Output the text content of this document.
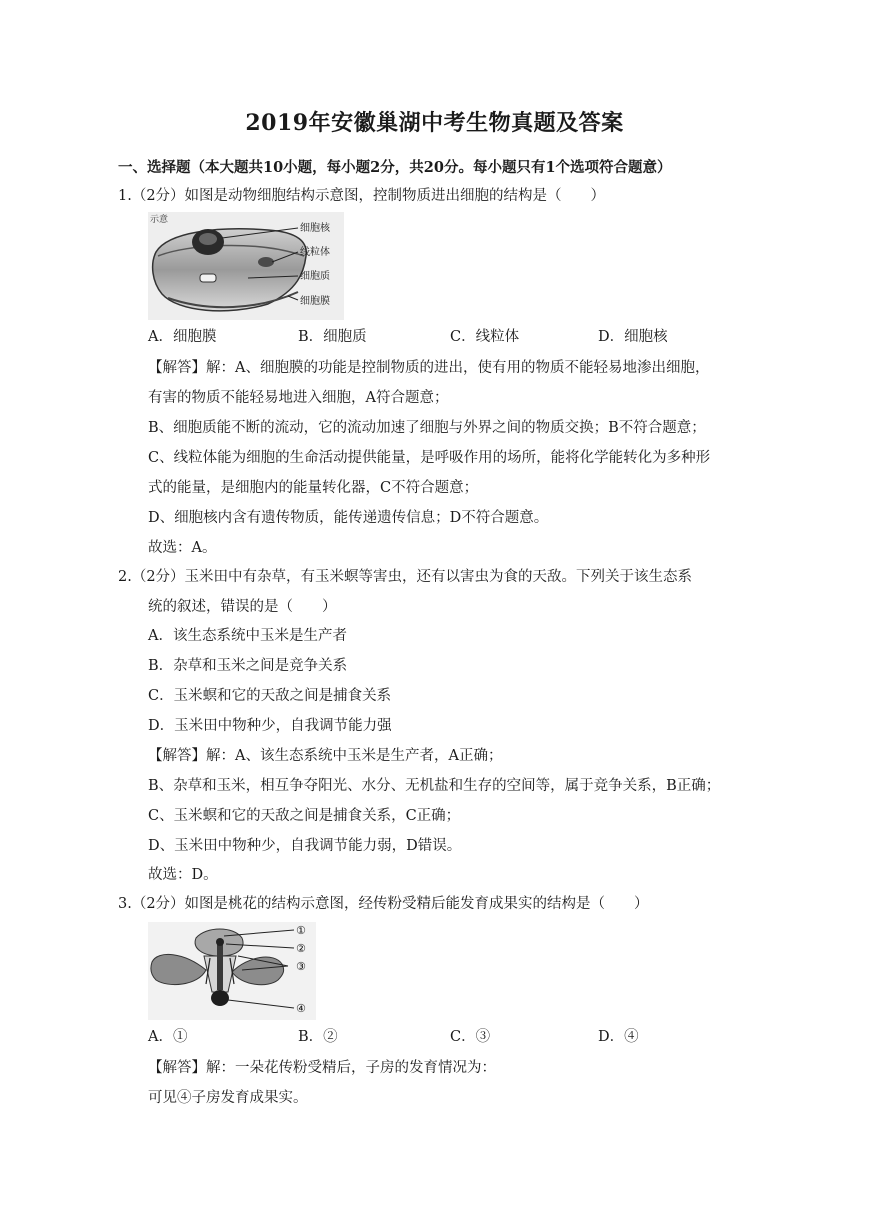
2019年安徽巢湖中考生物真题及答案
一、选择题（本大题共10小题，每小题2分，共20分。每小题只有1个选项符合题意）
1.（2分）如图是动物细胞结构示意图，控制物质进出细胞的结构是（　　）
示意
细胞核
线粒体
细胞质
细胞膜
A．细胞膜	B．细胞质	C．线粒体	D．细胞核
【解答】解：A、细胞膜的功能是控制物质的进出，使有用的物质不能轻易地渗出细胞，
有害的物质不能轻易地进入细胞，A符合题意；
B、细胞质能不断的流动，它的流动加速了细胞与外界之间的物质交换；B不符合题意；
C、线粒体能为细胞的生命活动提供能量，是呼吸作用的场所，能将化学能转化为多种形
式的能量，是细胞内的能量转化器，C不符合题意；
D、细胞核内含有遗传物质，能传递遗传信息；D不符合题意。
故选：A。
2.（2分）玉米田中有杂草，有玉米螟等害虫，还有以害虫为食的天敌。下列关于该生态系
统的叙述，错误的是（　　）
A．该生态系统中玉米是生产者
B．杂草和玉米之间是竞争关系
C．玉米螟和它的天敌之间是捕食关系
D．玉米田中物种少，自我调节能力强
【解答】解：A、该生态系统中玉米是生产者，A正确；
B、杂草和玉米，相互争夺阳光、水分、无机盐和生存的空间等，属于竞争关系，B正确；
C、玉米螟和它的天敌之间是捕食关系，C正确；
D、玉米田中物种少，自我调节能力弱，D错误。
故选：D。
3.（2分）如图是桃花的结构示意图，经传粉受精后能发育成果实的结构是（　　）
①
②
③
④
A．①	B．②	C．③	D．④
【解答】解：一朵花传粉受精后，子房的发育情况为：
可见④子房发育成果实。
